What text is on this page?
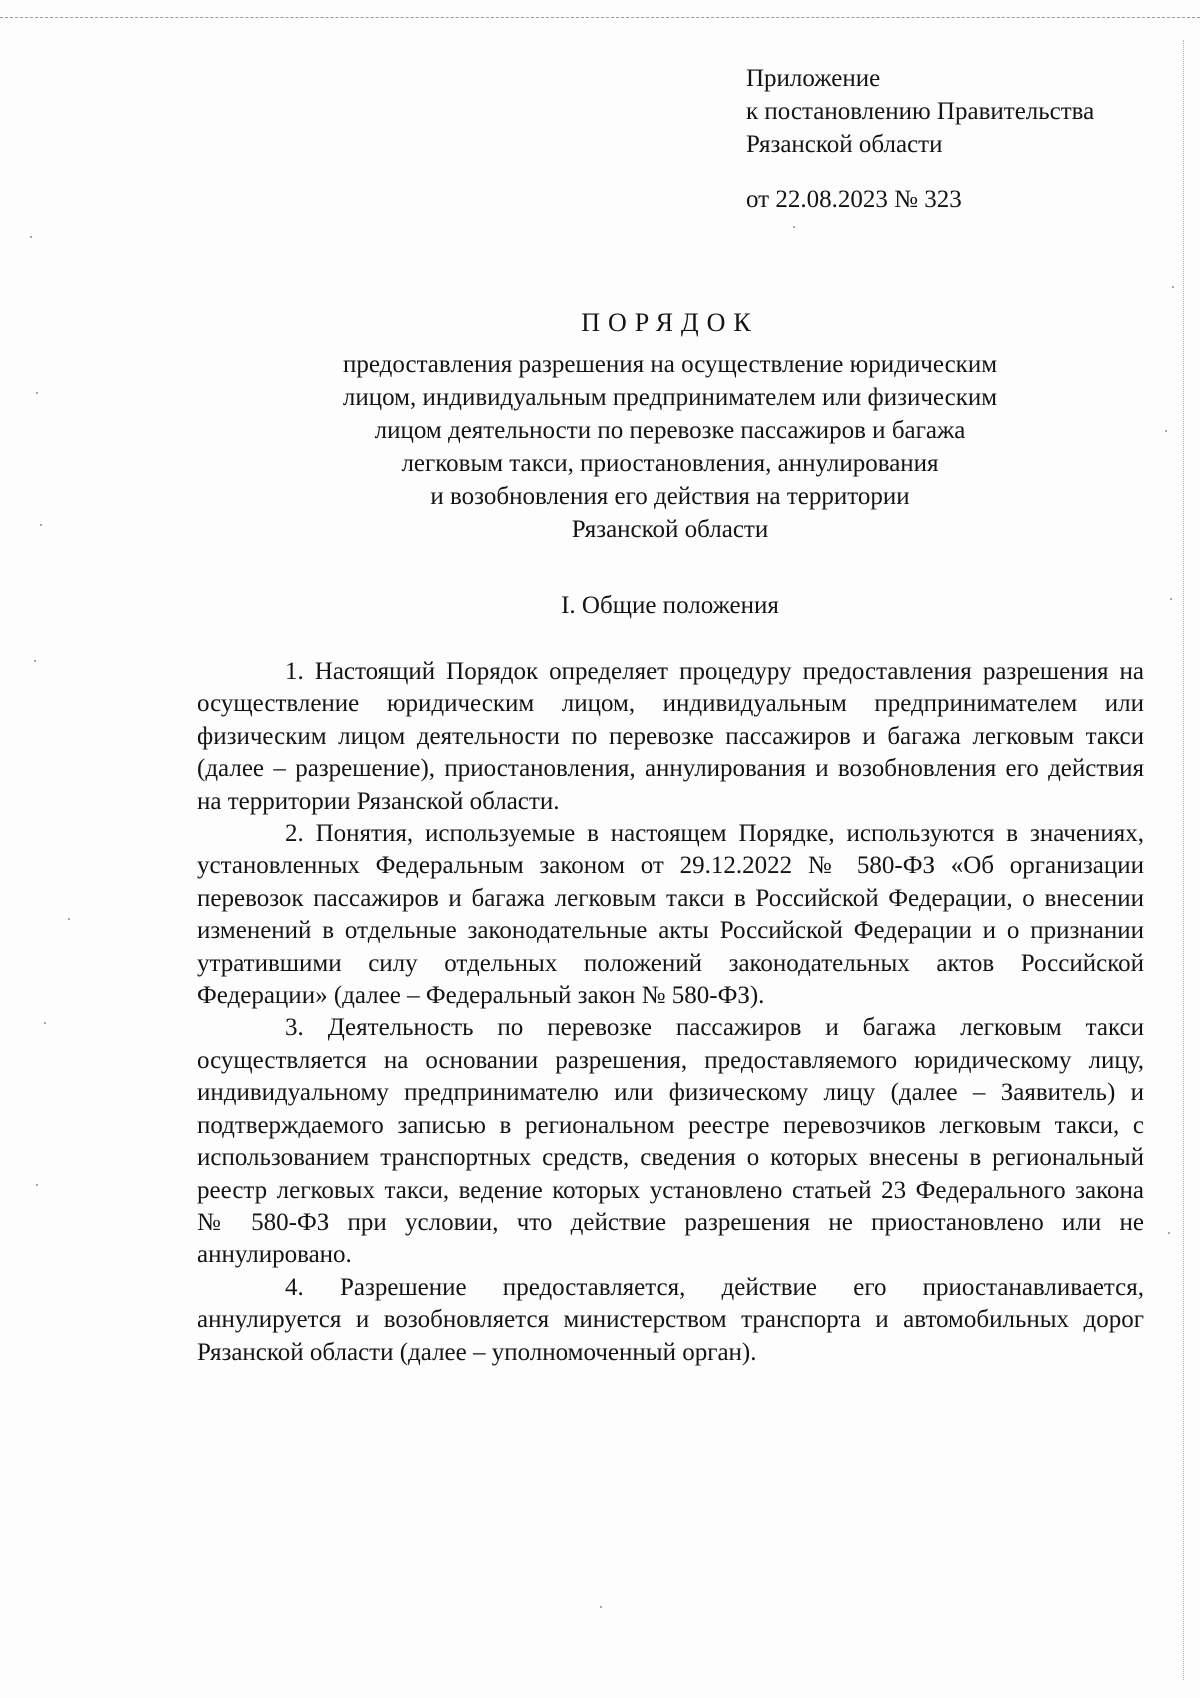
Приложение
к постановлению Правительства
Рязанской области
от 22.08.2023 № 323
ПОРЯДОК
предоставления разрешения на осуществление юридическим
лицом, индивидуальным предпринимателем или физическим
лицом деятельности по перевозке пассажиров и багажа
легковым такси, приостановления, аннулирования
и возобновления его действия на территории
Рязанской области
I. Общие положения

1. Настоящий Порядок определяет процедуру предоставления разрешения на осуществление юридическим лицом, индивидуальным предпринимателем или физическим лицом деятельности по перевозке пассажиров и багажа легковым такси (далее – разрешение), приостановления, аннулирования и возобновления его действия на территории Рязанской области.

2. Понятия, используемые в настоящем Порядке, используются в значениях, установленных Федеральным законом от 29.12.2022 № 580-ФЗ «Об организации перевозок пассажиров и багажа легковым такси в Российской Федерации, о внесении изменений в отдельные законодательные акты Российской Федерации и о признании утратившими силу отдельных положений законодательных актов Российской Федерации» (далее – Федеральный закон № 580-ФЗ).

3. Деятельность по перевозке пассажиров и багажа легковым такси осуществляется на основании разрешения, предоставляемого юридическому лицу, индивидуальному предпринимателю или физическому лицу (далее – Заявитель) и подтверждаемого записью в региональном реестре перевозчиков легковым такси, с использованием транспортных средств, сведения о которых внесены в региональный реестр легковых такси, ведение которых установлено статьей 23 Федерального закона № 580-ФЗ при условии, что действие разрешения не приостановлено или не аннулировано.

4. Разрешение предоставляется, действие его приостанавливается, аннулируется и возобновляется министерством транспорта и автомобильных дорог Рязанской области (далее – уполномоченный орган).
